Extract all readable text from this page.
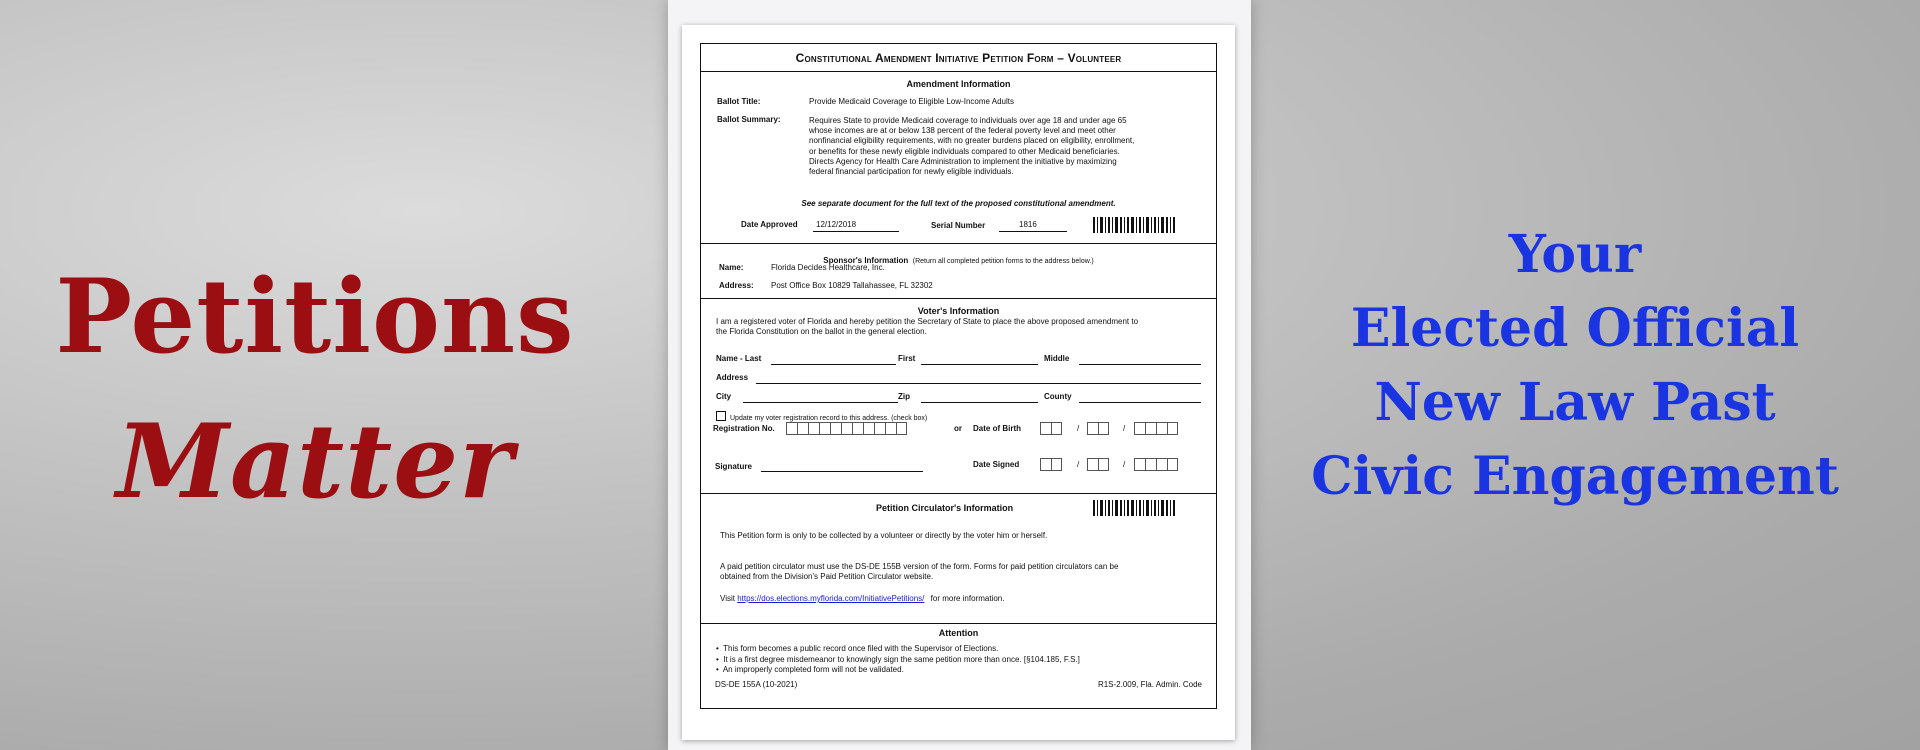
Petitions
Matter
Your
Elected Official
New Law Past
Civic Engagement
Constitutional Amendment Initiative Petition Form – Volunteer
Amendment Information
Ballot Title:	Provide Medicaid Coverage to Eligible Low-Income Adults
Ballot Summary:	Requires State to provide Medicaid coverage to individuals over age 18 and under age 65
whose incomes are at or below 138 percent of the federal poverty level and meet other
nonfinancial eligibility requirements, with no greater burdens placed on eligibility, enrollment,
or benefits for these newly eligible individuals compared to other Medicaid beneficiaries.
Directs Agency for Health Care Administration to implement the initiative by maximizing
federal financial participation for newly eligible individuals.
See separate document for the full text of the proposed constitutional amendment.
Date Approved 12/12/2018	Serial Number	1816
Sponsor's Information (Return all completed petition forms to the address below.)
Name:	Florida Decides Healthcare, Inc.
Address: Post Office Box 10829 Tallahassee, FL 32302
Voter's Information
I am a registered voter of Florida and hereby petition the Secretary of State to place the above proposed amendment to
the Florida Constitution on the ballot in the general election.
Name - Last	First	Middle
Address
City	Zip	County
Update my voter registration record to this address. (check box)
Registration No.	or Date of Birth	/	/
Signature	Date Signed	/	/
Petition Circulator's Information
This Petition form is only to be collected by a volunteer or directly by the voter him or herself.
A paid petition circulator must use the DS-DE 155B version of the form. Forms for paid petition circulators can be
obtained from the Division's Paid Petition Circulator website.
Visit https://dos.elections.myflorida.com/InitiativePetitions/ for more information.
Attention
•  This form becomes a public record once filed with the Supervisor of Elections.
•  It is a first degree misdemeanor to knowingly sign the same petition more than once. [§104.185, F.S.]
•  An improperly completed form will not be validated.
DS-DE 155A (10-2021)	R1S-2.009, Fla. Admin. Code
